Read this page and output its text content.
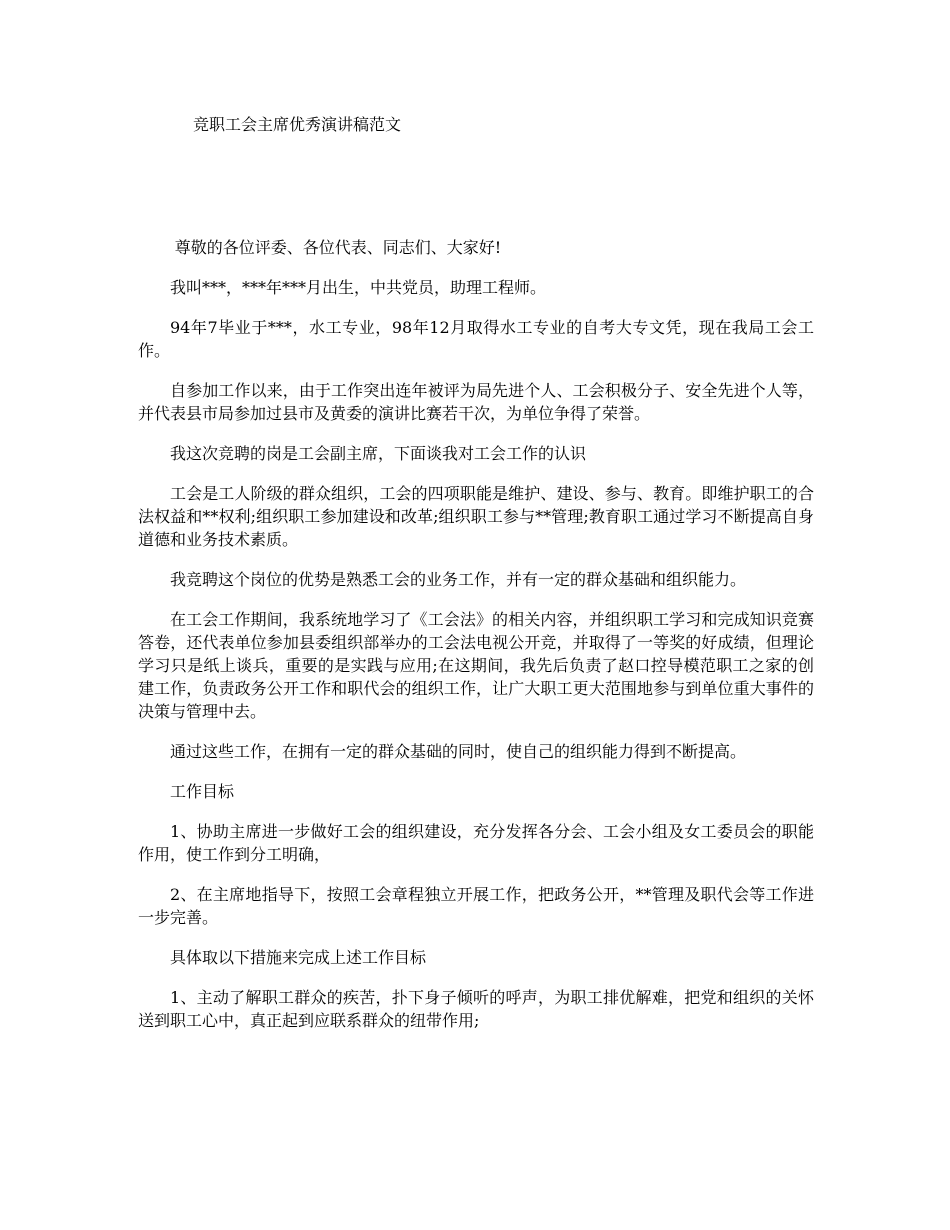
竞职工会主席优秀演讲稿范文

尊敬的各位评委、各位代表、同志们、大家好!

我叫***，***年***月出生，中共党员，助理工程师。

94年7毕业于***，水工专业，98年12月取得水工专业的自考大专文凭，现在我局工会工作。

自参加工作以来，由于工作突出连年被评为局先进个人、工会积极分子、安全先进个人等，并代表县市局参加过县市及黄委的演讲比赛若干次，为单位争得了荣誉。

我这次竞聘的岗是工会副主席，下面谈我对工会工作的认识

工会是工人阶级的群众组织，工会的四项职能是维护、建设、参与、教育。即维护职工的合法权益和**权利;组织职工参加建设和改革;组织职工参与**管理;教育职工通过学习不断提高自身道德和业务技术素质。

我竞聘这个岗位的优势是熟悉工会的业务工作，并有一定的群众基础和组织能力。

在工会工作期间，我系统地学习了《工会法》的相关内容，并组织职工学习和完成知识竞赛答卷，还代表单位参加县委组织部举办的工会法电视公开竞，并取得了一等奖的好成绩，但理论学习只是纸上谈兵，重要的是实践与应用;在这期间，我先后负责了赵口控导模范职工之家的创建工作，负责政务公开工作和职代会的组织工作，让广大职工更大范围地参与到单位重大事件的决策与管理中去。

通过这些工作，在拥有一定的群众基础的同时，使自己的组织能力得到不断提高。

工作目标

1、协助主席进一步做好工会的组织建设，充分发挥各分会、工会小组及女工委员会的职能作用，使工作到分工明确，

2、在主席地指导下，按照工会章程独立开展工作，把政务公开，**管理及职代会等工作进一步完善。

具体取以下措施来完成上述工作目标

1、主动了解职工群众的疾苦，扑下身子倾听的呼声，为职工排优解难，把党和组织的关怀送到职工心中，真正起到应联系群众的纽带作用;
